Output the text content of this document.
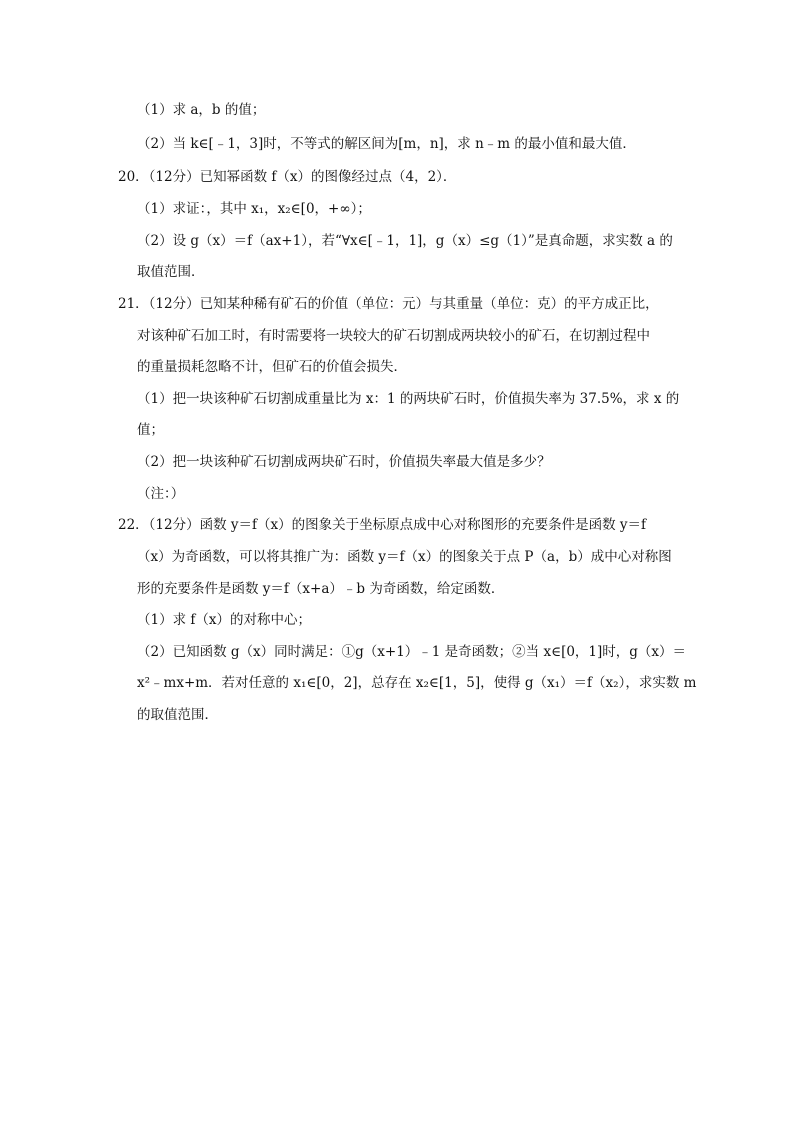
（1）求 a，b 的值；
（2）当 k∈[﹣1，3]时，不等式的解区间为[m，n]，求 n﹣m 的最小值和最大值．
20．（12分）已知幂函数 f（x）的图像经过点（4，2）．
（1）求证：，其中 x₁，x₂∈[0，+∞）；
（2）设 g（x）＝f（ax+1），若“∀x∈[﹣1，1]，g（x）≤g（1）”是真命题，求实数 a 的
取值范围．
21．（12分）已知某种稀有矿石的价值（单位：元）与其重量（单位：克）的平方成正比，
对该种矿石加工时，有时需要将一块较大的矿石切割成两块较小的矿石，在切割过程中
的重量损耗忽略不计，但矿石的价值会损失．
（1）把一块该种矿石切割成重量比为 x：1 的两块矿石时，价值损失率为 37.5%，求 x 的
值；
（2）把一块该种矿石切割成两块矿石时，价值损失率最大值是多少？
（注：）
22．（12分）函数 y＝f（x）的图象关于坐标原点成中心对称图形的充要条件是函数 y＝f
（x）为奇函数，可以将其推广为：函数 y＝f（x）的图象关于点 P（a，b）成中心对称图
形的充要条件是函数 y＝f（x+a）﹣b 为奇函数，给定函数．
（1）求 f（x）的对称中心；
（2）已知函数 g（x）同时满足：①g（x+1）﹣1 是奇函数；②当 x∈[0，1]时，g（x）＝
x²﹣mx+m．若对任意的 x₁∈[0，2]，总存在 x₂∈[1，5]，使得 g（x₁）＝f（x₂），求实数 m
的取值范围．
